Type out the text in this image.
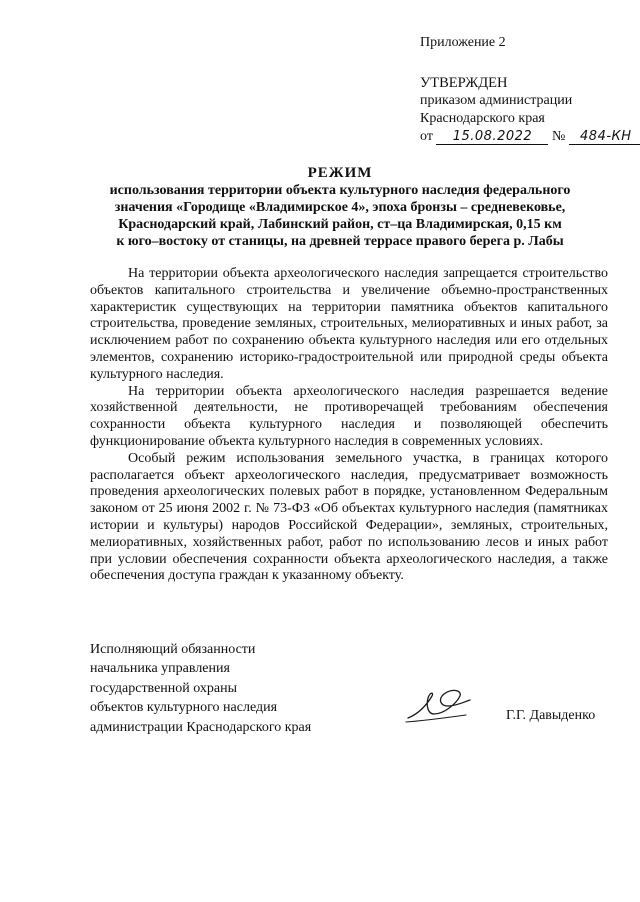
Приложение 2
УТВЕРЖДЕН
приказом администрации
Краснодарского края
от 15.08.2022 № 484-КН
РЕЖИМ
использования территории объекта культурного наследия федерального
значения «Городище «Владимирское 4», эпоха бронзы – средневековье,
Краснодарский край, Лабинский район, ст–ца Владимирская, 0,15 км
к юго–востоку от станицы, на древней террасе правого берега р. Лабы

На территории объекта археологического наследия запрещается строительство объектов капитального строительства и увеличение объемно-пространственных характеристик существующих на территории памятника объектов капитального строительства, проведение земляных, строительных, мелиоративных и иных работ, за исключением работ по сохранению объекта культурного наследия или его отдельных элементов, сохранению историко-градостроительной или природной среды объекта культурного наследия.

На территории объекта археологического наследия разрешается ведение хозяйственной деятельности, не противоречащей требованиям обеспечения сохранности объекта культурного наследия и позволяющей обеспечить функционирование объекта культурного наследия в современных условиях.

Особый режим использования земельного участка, в границах которого располагается объект археологического наследия, предусматривает возможность проведения археологических полевых работ в порядке, установленном Федеральным законом от 25 июня 2002 г. № 73-ФЗ «Об объектах культурного наследия (памятниках истории и культуры) народов Российской Федерации», земляных, строительных, мелиоративных, хозяйственных работ, работ по использованию лесов и иных работ при условии обеспечения сохранности объекта археологического наследия, а также обеспечения доступа граждан к указанному объекту.

Исполняющий обязанности
начальника управления
государственной охраны
объектов культурного наследия
администрации Краснодарского края
Г.Г. Давыденко
